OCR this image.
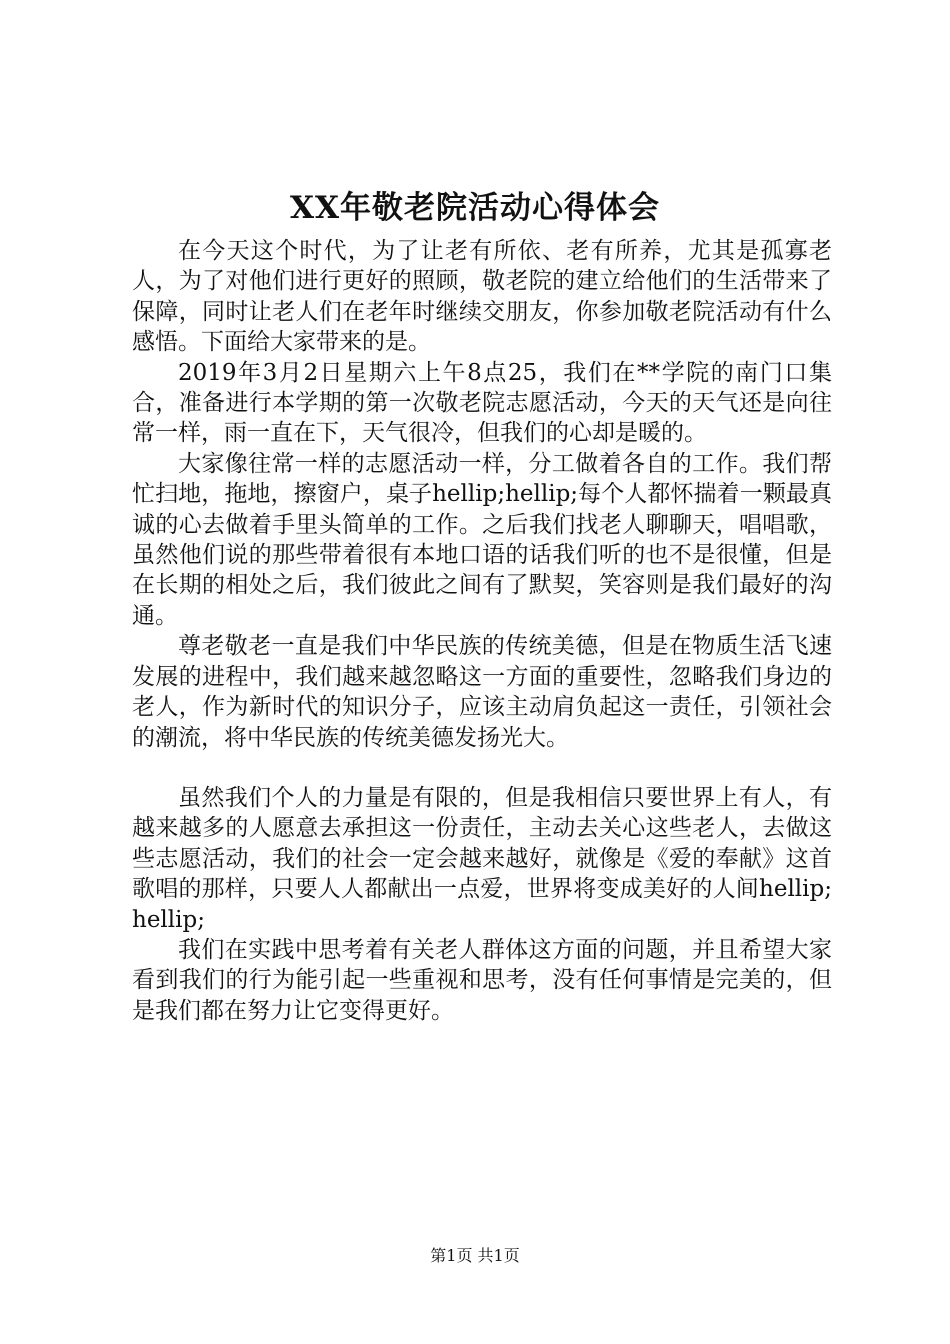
XX年敬老院活动心得体会

在今天这个时代，为了让老有所依、老有所养，尤其是孤寡老人，为了对他们进行更好的照顾，敬老院的建立给他们的生活带来了保障，同时让老人们在老年时继续交朋友，你参加敬老院活动有什么感悟。下面给大家带来的是。

2019年3月2日星期六上午8点25，我们在**学院的南门口集合，准备进行本学期的第一次敬老院志愿活动，今天的天气还是向往常一样，雨一直在下，天气很冷，但我们的心却是暖的。

大家像往常一样的志愿活动一样，分工做着各自的工作。我们帮忙扫地，拖地，擦窗户，桌子hellip;hellip;每个人都怀揣着一颗最真诚的心去做着手里头简单的工作。之后我们找老人聊聊天，唱唱歌，虽然他们说的那些带着很有本地口语的话我们听的也不是很懂，但是在长期的相处之后，我们彼此之间有了默契，笑容则是我们最好的沟通。

尊老敬老一直是我们中华民族的传统美德，但是在物质生活飞速发展的进程中，我们越来越忽略这一方面的重要性，忽略我们身边的老人，作为新时代的知识分子，应该主动肩负起这一责任，引领社会的潮流，将中华民族的传统美德发扬光大。

虽然我们个人的力量是有限的，但是我相信只要世界上有人，有越来越多的人愿意去承担这一份责任，主动去关心这些老人，去做这些志愿活动，我们的社会一定会越来越好，就像是《爱的奉献》这首歌唱的那样，只要人人都献出一点爱，世界将变成美好的人间hellip;hellip;

我们在实践中思考着有关老人群体这方面的问题，并且希望大家看到我们的行为能引起一些重视和思考，没有任何事情是完美的，但是我们都在努力让它变得更好。

第1页 共1页
